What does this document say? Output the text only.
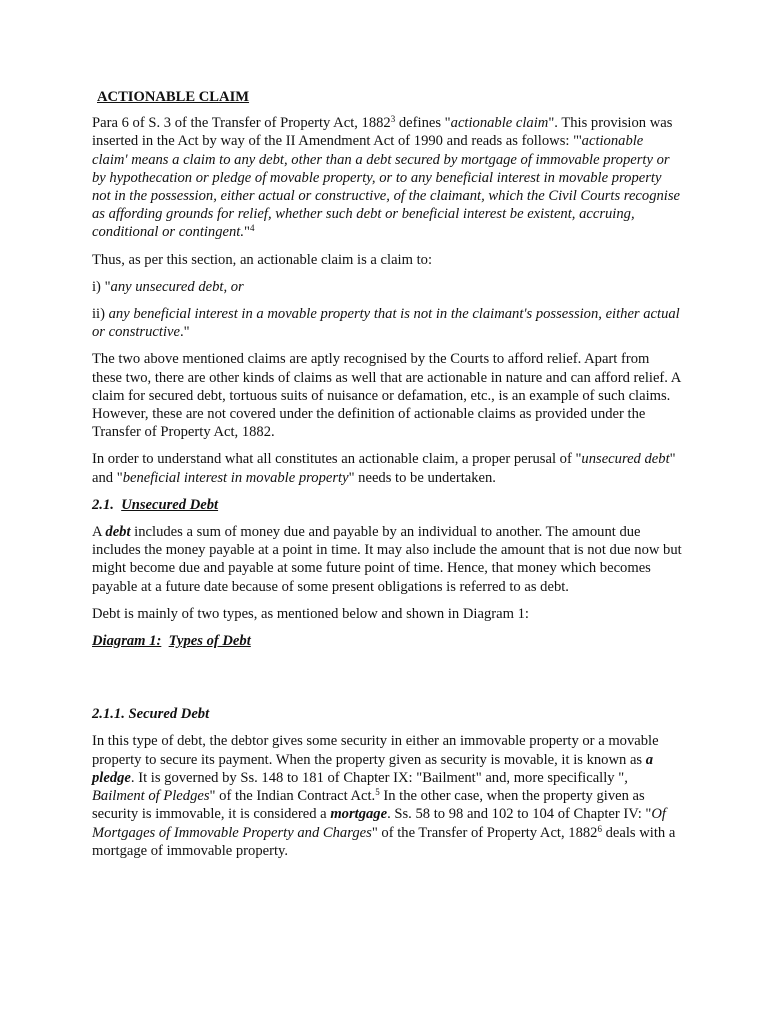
ACTIONABLE CLAIM

Para 6 of S. 3 of the Transfer of Property Act, 1882$^3$ defines "actionable claim". This provision was inserted in the Act by way of the II Amendment Act of 1990 and reads as follows: "'actionable claim' means a claim to any debt, other than a debt secured by mortgage of immovable property or by hypothecation or pledge of movable property, or to any beneficial interest in movable property not in the possession, either actual or constructive, of the claimant, which the Civil Courts recognise as affording grounds for relief, whether such debt or beneficial interest be existent, accruing, conditional or contingent."$^4$

Thus, as per this section, an actionable claim is a claim to:

i) "any unsecured debt, or

ii) any beneficial interest in a movable property that is not in the claimant's possession, either actual or constructive."

The two above mentioned claims are aptly recognised by the Courts to afford relief. Apart from these two, there are other kinds of claims as well that are actionable in nature and can afford relief. A claim for secured debt, tortuous suits of nuisance or defamation, etc., is an example of such claims. However, these are not covered under the definition of actionable claims as provided under the Transfer of Property Act, 1882.

In order to understand what all constitutes an actionable claim, a proper perusal of "unsecured debt" and "beneficial interest in movable property" needs to be undertaken.

2.1. Unsecured Debt

A debt includes a sum of money due and payable by an individual to another. The amount due includes the money payable at a point in time. It may also include the amount that is not due now but might become due and payable at some future point of time. Hence, that money which becomes payable at a future date because of some present obligations is referred to as debt.

Debt is mainly of two types, as mentioned below and shown in Diagram 1:

Diagram 1: Types of Debt
2.1.1. Secured Debt

In this type of debt, the debtor gives some security in either an immovable property or a movable property to secure its payment. When the property given as security is movable, it is known as a pledge. It is governed by Ss. 148 to 181 of Chapter IX: "Bailment" and, more specifically ", Bailment of Pledges" of the Indian Contract Act.$^5$ In the other case, when the property given as security is immovable, it is considered a mortgage. Ss. 58 to 98 and 102 to 104 of Chapter IV: "Of Mortgages of Immovable Property and Charges" of the Transfer of Property Act, 1882$^6$ deals with a mortgage of immovable property.
